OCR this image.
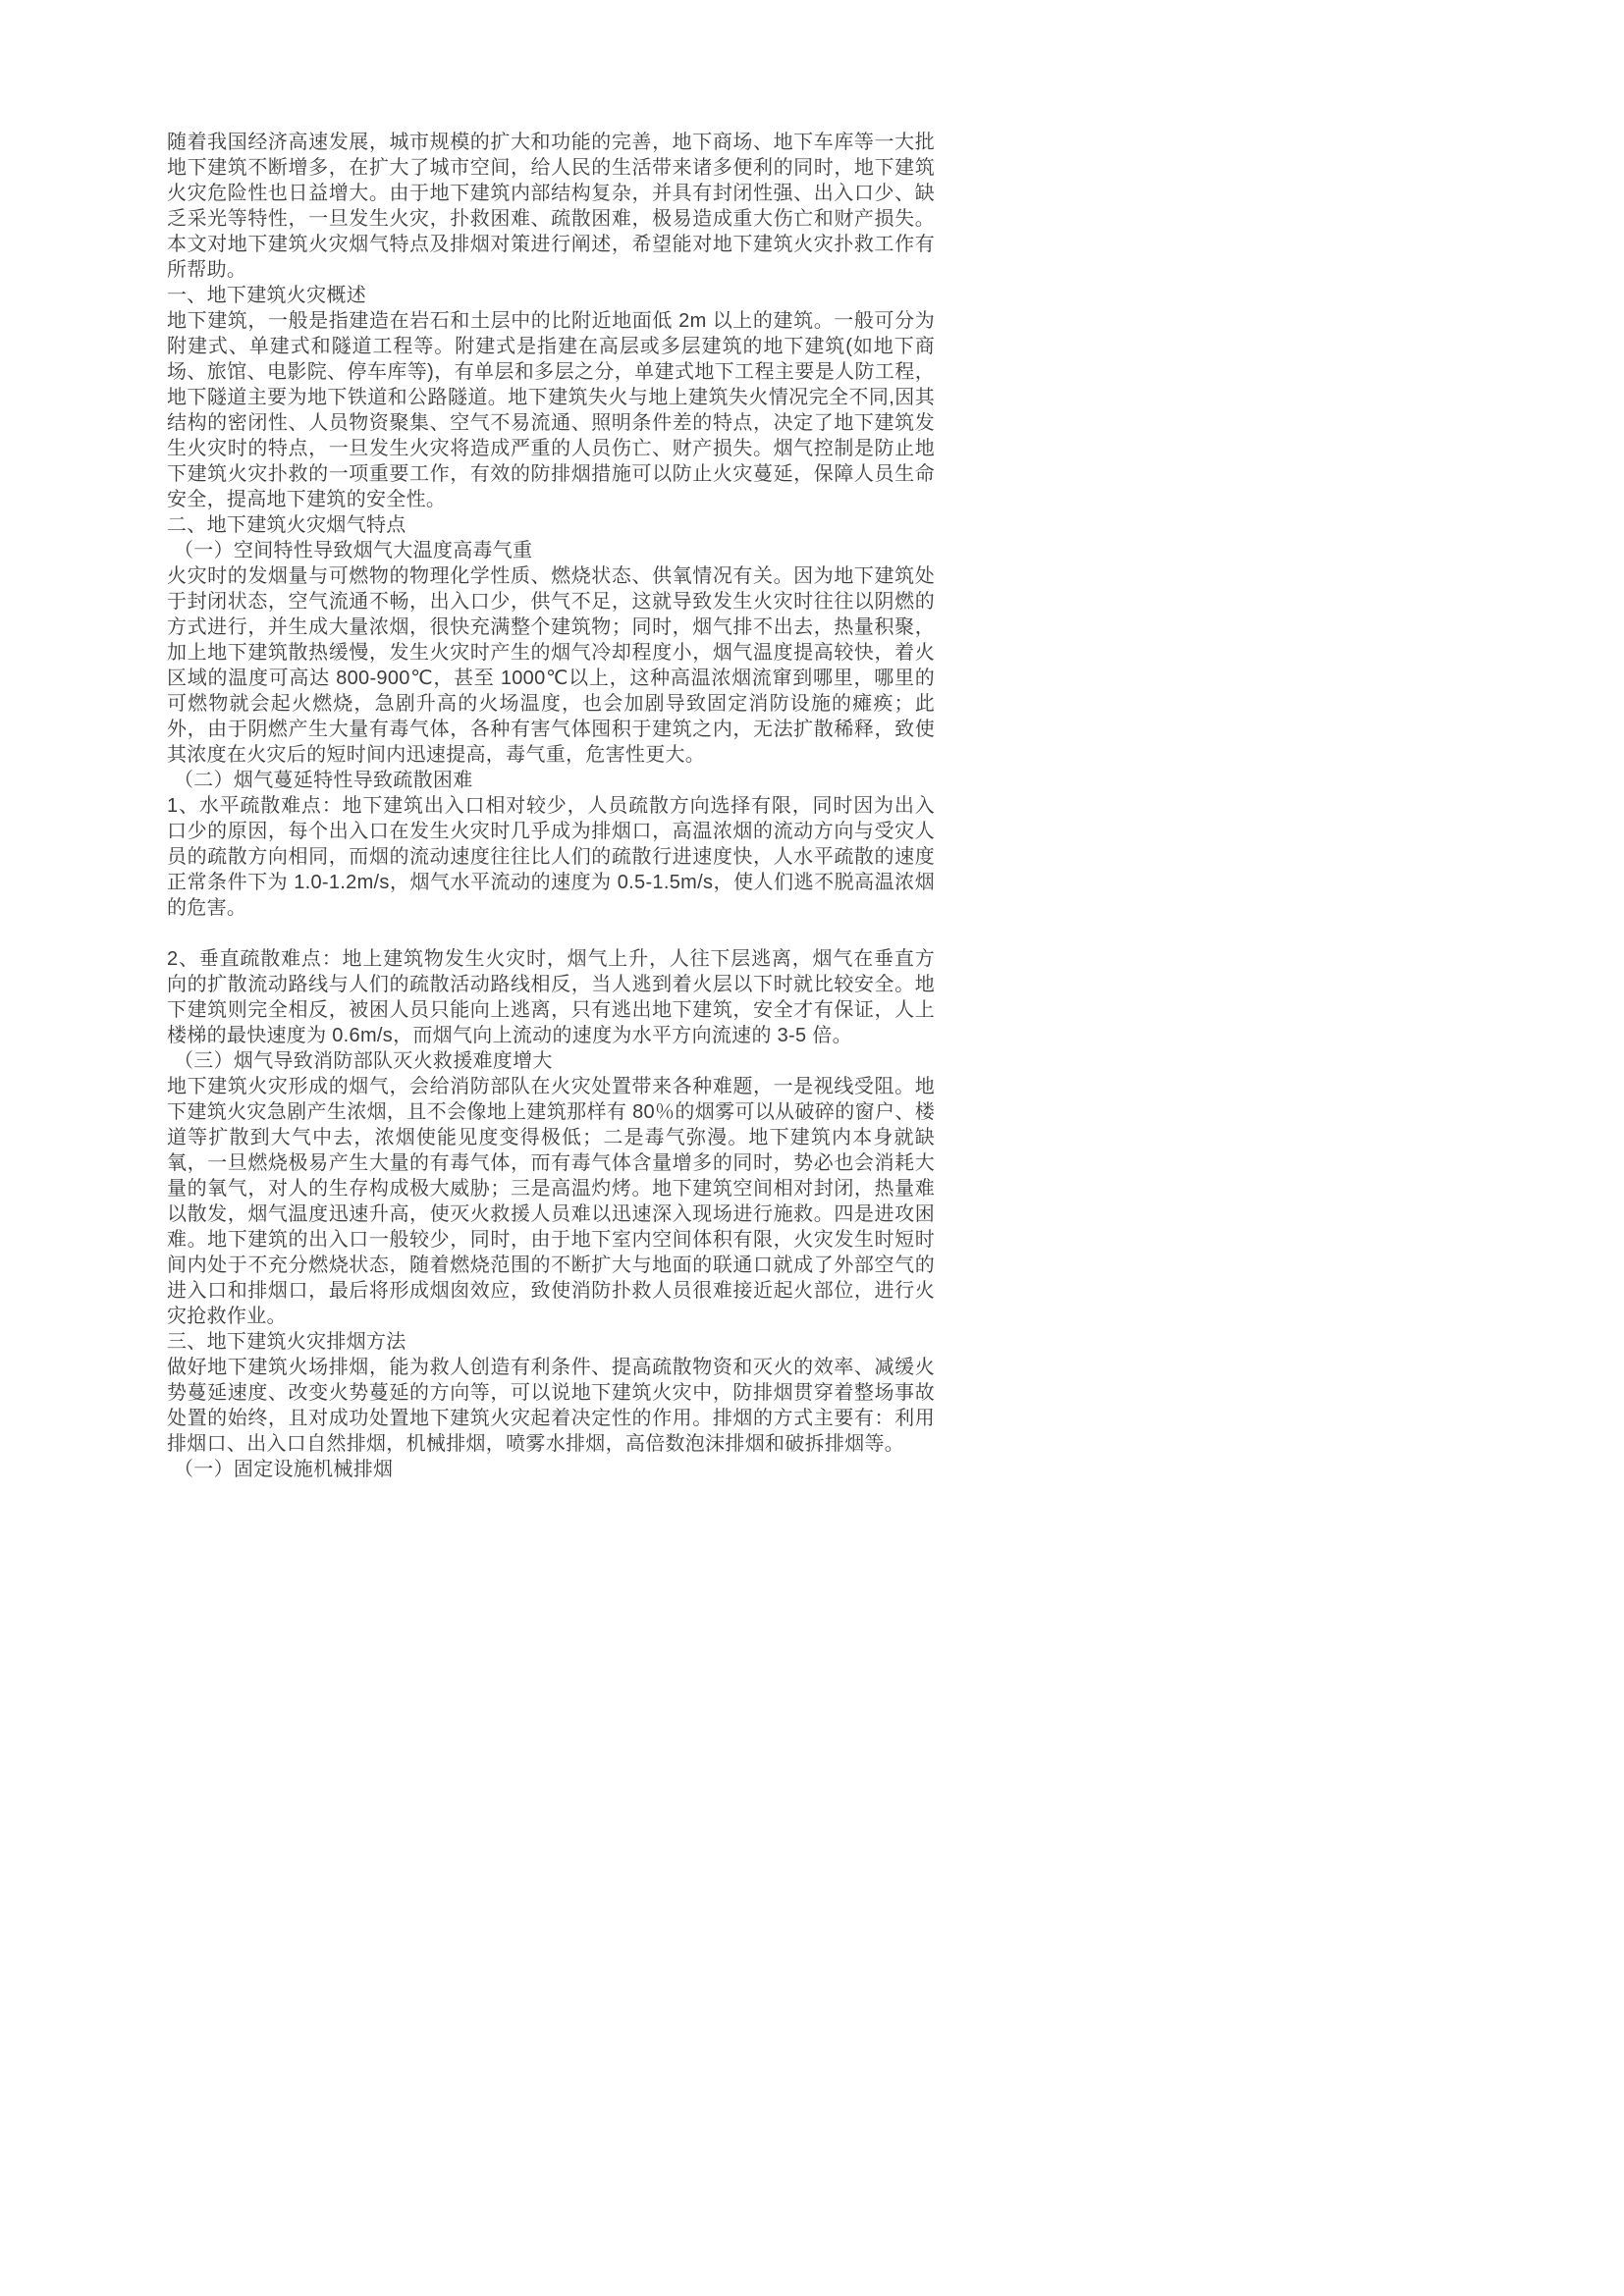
随着我国经济高速发展，城市规模的扩大和功能的完善，地下商场、地下车库等一大批地下建筑不断增多，在扩大了城市空间，给人民的生活带来诸多便利的同时，地下建筑火灾危险性也日益增大。由于地下建筑内部结构复杂，并具有封闭性强、出入口少、缺乏采光等特性，一旦发生火灾，扑救困难、疏散困难，极易造成重大伤亡和财产损失。本文对地下建筑火灾烟气特点及排烟对策进行阐述，希望能对地下建筑火灾扑救工作有所帮助。

一、地下建筑火灾概述

地下建筑，一般是指建造在岩石和土层中的比附近地面低 2m 以上的建筑。一般可分为附建式、单建式和隧道工程等。附建式是指建在高层或多层建筑的地下建筑(如地下商场、旅馆、电影院、停车库等)，有单层和多层之分，单建式地下工程主要是人防工程，地下隧道主要为地下铁道和公路隧道。地下建筑失火与地上建筑失火情况完全不同,因其结构的密闭性、人员物资聚集、空气不易流通、照明条件差的特点，决定了地下建筑发生火灾时的特点，一旦发生火灾将造成严重的人员伤亡、财产损失。烟气控制是防止地下建筑火灾扑救的一项重要工作，有效的防排烟措施可以防止火灾蔓延，保障人员生命安全，提高地下建筑的安全性。

二、地下建筑火灾烟气特点

（一）空间特性导致烟气大温度高毒气重

火灾时的发烟量与可燃物的物理化学性质、燃烧状态、供氧情况有关。因为地下建筑处于封闭状态，空气流通不畅，出入口少，供气不足，这就导致发生火灾时往往以阴燃的方式进行，并生成大量浓烟，很快充满整个建筑物；同时，烟气排不出去，热量积聚，加上地下建筑散热缓慢，发生火灾时产生的烟气冷却程度小，烟气温度提高较快，着火区域的温度可高达 800-900℃，甚至 1000℃以上，这种高温浓烟流窜到哪里，哪里的可燃物就会起火燃烧，急剧升高的火场温度，也会加剧导致固定消防设施的瘫痪；此外，由于阴燃产生大量有毒气体，各种有害气体囤积于建筑之内，无法扩散稀释，致使其浓度在火灾后的短时间内迅速提高，毒气重，危害性更大。

（二）烟气蔓延特性导致疏散困难

1、水平疏散难点：地下建筑出入口相对较少，人员疏散方向选择有限，同时因为出入口少的原因，每个出入口在发生火灾时几乎成为排烟口，高温浓烟的流动方向与受灾人员的疏散方向相同，而烟的流动速度往往比人们的疏散行进速度快，人水平疏散的速度正常条件下为 1.0-1.2m/s，烟气水平流动的速度为 0.5-1.5m/s，使人们逃不脱高温浓烟的危害。

2、垂直疏散难点：地上建筑物发生火灾时，烟气上升，人往下层逃离，烟气在垂直方向的扩散流动路线与人们的疏散活动路线相反，当人逃到着火层以下时就比较安全。地下建筑则完全相反，被困人员只能向上逃离，只有逃出地下建筑，安全才有保证，人上楼梯的最快速度为 0.6m/s，而烟气向上流动的速度为水平方向流速的 3-5 倍。

（三）烟气导致消防部队灭火救援难度增大

地下建筑火灾形成的烟气，会给消防部队在火灾处置带来各种难题，一是视线受阻。地下建筑火灾急剧产生浓烟，且不会像地上建筑那样有 80％的烟雾可以从破碎的窗户、楼道等扩散到大气中去，浓烟使能见度变得极低；二是毒气弥漫。地下建筑内本身就缺氧，一旦燃烧极易产生大量的有毒气体，而有毒气体含量增多的同时，势必也会消耗大量的氧气，对人的生存构成极大威胁；三是高温灼烤。地下建筑空间相对封闭，热量难以散发，烟气温度迅速升高，使灭火救援人员难以迅速深入现场进行施救。四是进攻困难。地下建筑的出入口一般较少，同时，由于地下室内空间体积有限，火灾发生时短时间内处于不充分燃烧状态，随着燃烧范围的不断扩大与地面的联通口就成了外部空气的进入口和排烟口，最后将形成烟囱效应，致使消防扑救人员很难接近起火部位，进行火灾抢救作业。

三、地下建筑火灾排烟方法

做好地下建筑火场排烟，能为救人创造有利条件、提高疏散物资和灭火的效率、减缓火势蔓延速度、改变火势蔓延的方向等，可以说地下建筑火灾中，防排烟贯穿着整场事故处置的始终，且对成功处置地下建筑火灾起着决定性的作用。排烟的方式主要有：利用排烟口、出入口自然排烟，机械排烟，喷雾水排烟，高倍数泡沫排烟和破拆排烟等。

（一）固定设施机械排烟
